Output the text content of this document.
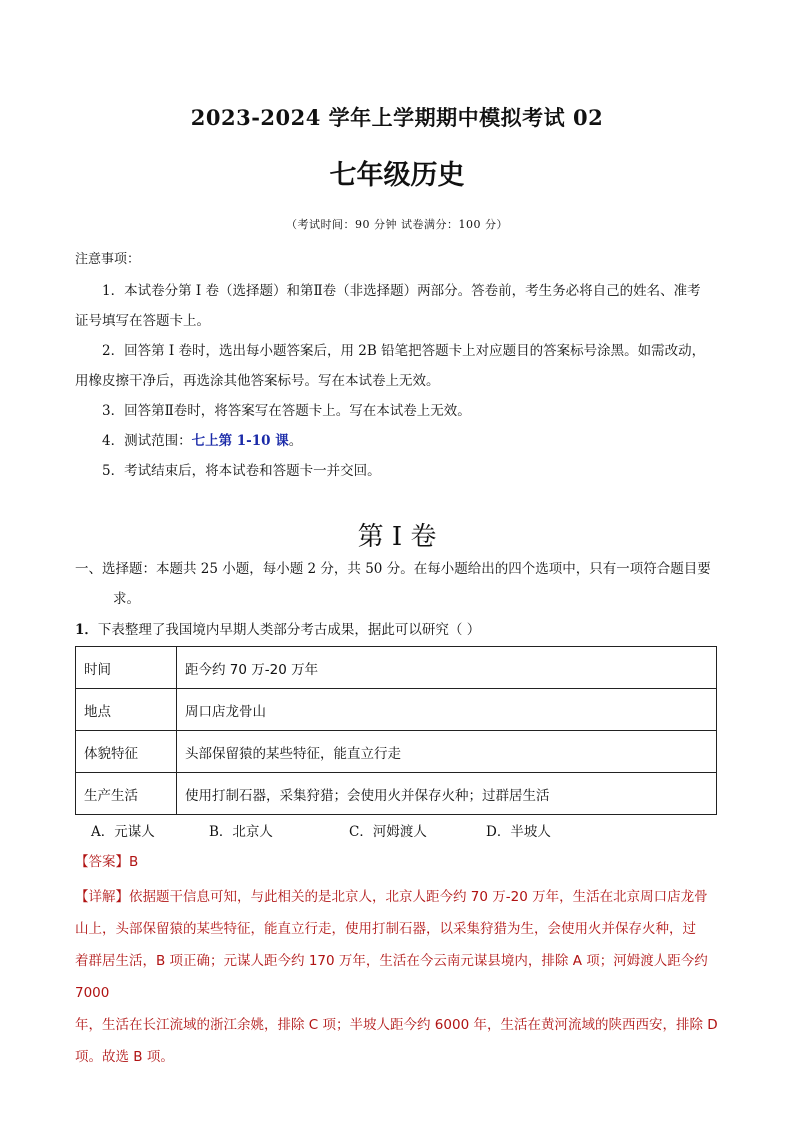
2023-2024 学年上学期期中模拟考试 02
七年级历史
（考试时间：90 分钟 试卷满分：100 分）
注意事项：

1．本试卷分第 I 卷（选择题）和第Ⅱ卷（非选择题）两部分。答卷前，考生务必将自己的姓名、准考

证号填写在答题卡上。

2．回答第 I 卷时，选出每小题答案后，用 2B 铅笔把答题卡上对应题目的答案标号涂黑。如需改动，

用橡皮擦干净后，再选涂其他答案标号。写在本试卷上无效。

3．回答第Ⅱ卷时，将答案写在答题卡上。写在本试卷上无效。

4．测试范围：七上第 1-10 课。

5．考试结束后，将本试卷和答题卡一并交回。

第 I 卷
一、选择题：本题共 25 小题，每小题 2 分，共 50 分。在每小题给出的四个选项中，只有一项符合题目要
求。
1．下表整理了我国境内早期人类部分考古成果，据此可以研究（ ）
时间	距今约 70 万-20 万年
地点	周口店龙骨山
体貌特征	头部保留猿的某些特征，能直立行走
生产生活	使用打制石器，采集狩猎；会使用火并保存火种；过群居生活
A．元谋人	B．北京人	C．河姆渡人	D．半坡人
【答案】B

【详解】依据题干信息可知，与此相关的是北京人，北京人距今约 70 万-20 万年，生活在北京周口店龙骨

山上，头部保留猿的某些特征，能直立行走，使用打制石器，以采集狩猎为生，会使用火并保存火种，过

着群居生活，B 项正确；元谋人距今约 170 万年，生活在今云南元谋县境内，排除 A 项；河姆渡人距今约 7000

年，生活在长江流域的浙江余姚，排除 C 项；半坡人距今约 6000 年，生活在黄河流域的陕西西安，排除 D

项。故选 B 项。
